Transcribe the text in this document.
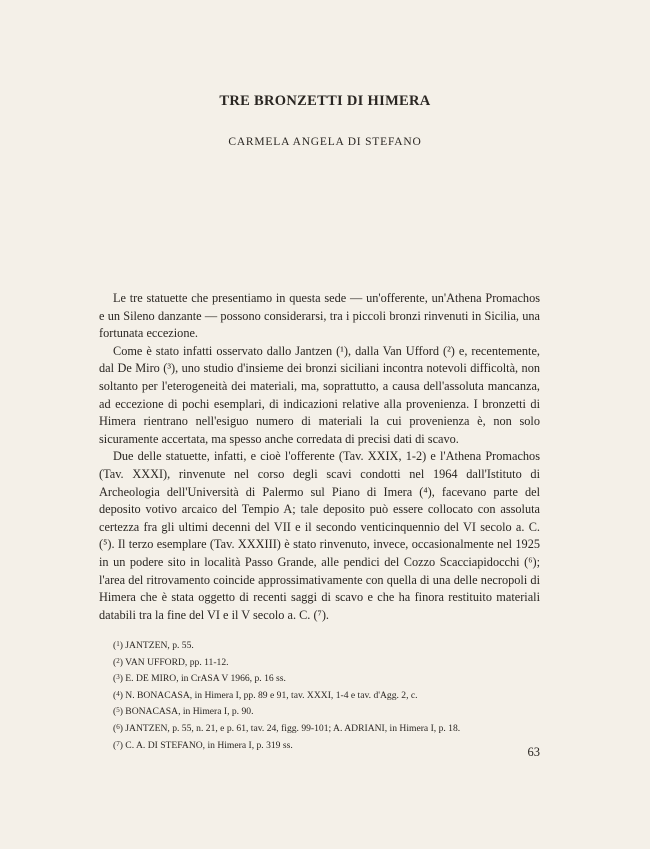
TRE BRONZETTI DI HIMERA
CARMELA ANGELA DI STEFANO

Le tre statuette che presentiamo in questa sede — un'offerente, un'Athena Promachos e un Sileno danzante — possono considerarsi, tra i piccoli bronzi rinvenuti in Sicilia, una fortunata eccezione.

Come è stato infatti osservato dallo Jantzen (¹), dalla Van Ufford (²) e, recentemente, dal De Miro (³), uno studio d'insieme dei bronzi siciliani incontra notevoli difficoltà, non soltanto per l'eterogeneità dei materiali, ma, soprattutto, a causa dell'assoluta mancanza, ad eccezione di pochi esemplari, di indicazioni relative alla provenienza. I bronzetti di Himera rientrano nell'esiguo numero di materiali la cui provenienza è, non solo sicuramente accertata, ma spesso anche corredata di precisi dati di scavo.

Due delle statuette, infatti, e cioè l'offerente (Tav. XXIX, 1-2) e l'Athena Promachos (Tav. XXXI), rinvenute nel corso degli scavi condotti nel 1964 dall'Istituto di Archeologia dell'Università di Palermo sul Piano di Imera (⁴), facevano parte del deposito votivo arcaico del Tempio A; tale deposito può essere collocato con assoluta certezza fra gli ultimi decenni del VII e il secondo venticinquennio del VI secolo a. C. (⁵). Il terzo esemplare (Tav. XXXIII) è stato rinvenuto, invece, occasionalmente nel 1925 in un podere sito in località Passo Grande, alle pendici del Cozzo Scacciapidocchi (⁶); l'area del ritrovamento coincide approssimativamente con quella di una delle necropoli di Himera che è stata oggetto di recenti saggi di scavo e che ha finora restituito materiali databili tra la fine del VI e il V secolo a. C. (⁷).

($^1$) JANTZEN, p. 55.
($^2$) VAN UFFORD, pp. 11-12.
($^3$) E. DE MIRO, in CrASA V 1966, p. 16 ss.
($^4$) N. BONACASA, in Himera I, pp. 89 e 91, tav. XXXI, 1-4 e tav. d'Agg. 2, c.
($^5$) BONACASA, in Himera I, p. 90.
($^6$) JANTZEN, p. 55, n. 21, e p. 61, tav. 24, figg. 99-101; A. ADRIANI, in Himera I, p. 18.
($^7$) C. A. DI STEFANO, in Himera I, p. 319 ss.	63
